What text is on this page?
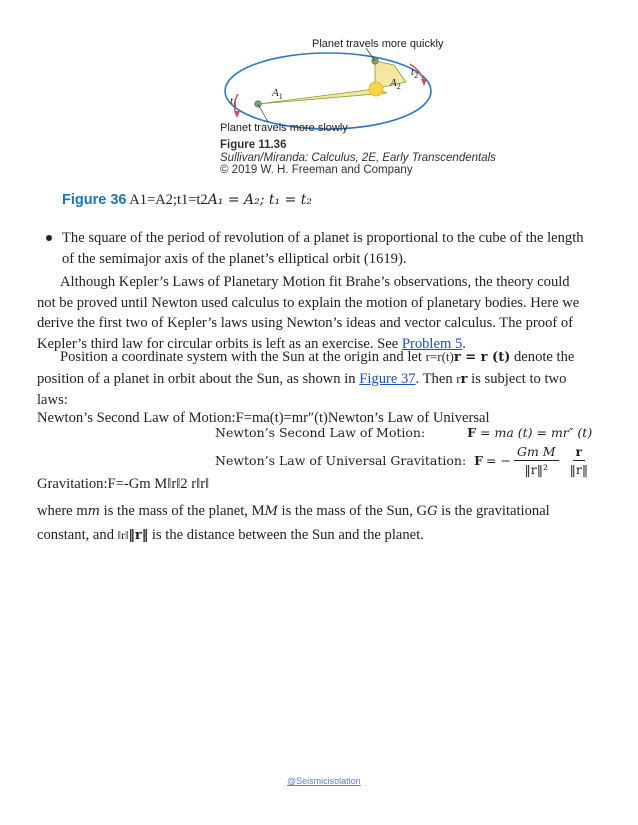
Planet travels more quickly
Planet travels more slowly
$A_1$
$A_2$
$t_1$
$t_2$
Figure 11.36
Sullivan/Miranda: Calculus, 2E, Early Transcendentals
© 2019 W. H. Freeman and Company
Figure 36 A1=A2;t1=t2A₁ = A₂; t₁ = t₂
The square of the period of revolution of a planet is proportional to the cube of the length
of the semimajor axis of the planet’s elliptical orbit (1619).
Although Kepler’s Laws of Planetary Motion fit Brahe’s observations, the theory could
not be proved until Newton used calculus to explain the motion of planetary bodies. Here we
derive the first two of Kepler’s laws using Newton’s ideas and vector calculus. The proof of
Kepler’s third law for circular orbits is left as an exercise. See Problem 5.
Position a coordinate system with the Sun at the origin and let r=r(t)r = r (t) denote the
position of a planet in orbit about the Sun, as shown in Figure 37. Then rr is subject to two
laws:
Newton’s Second Law of Motion:F=ma(t)=mr″(t)Newton’s Law of Universal
Gravitation:F=-Gm M‖r‖2 r‖r‖
Newton’s Second Law of Motion:	F = ma (t) = mr″ (t)
Newton’s Law of Universal Gravitation: F = − $\frac{\text{Gm M}}{\text{‖r‖²}} \frac{r}{‖r‖}$
where mm is the mass of the planet, MM is the mass of the Sun, GG is the gravitational
constant, and ‖r‖‖r‖ is the distance between the Sun and the planet.
@Seismicisolation
